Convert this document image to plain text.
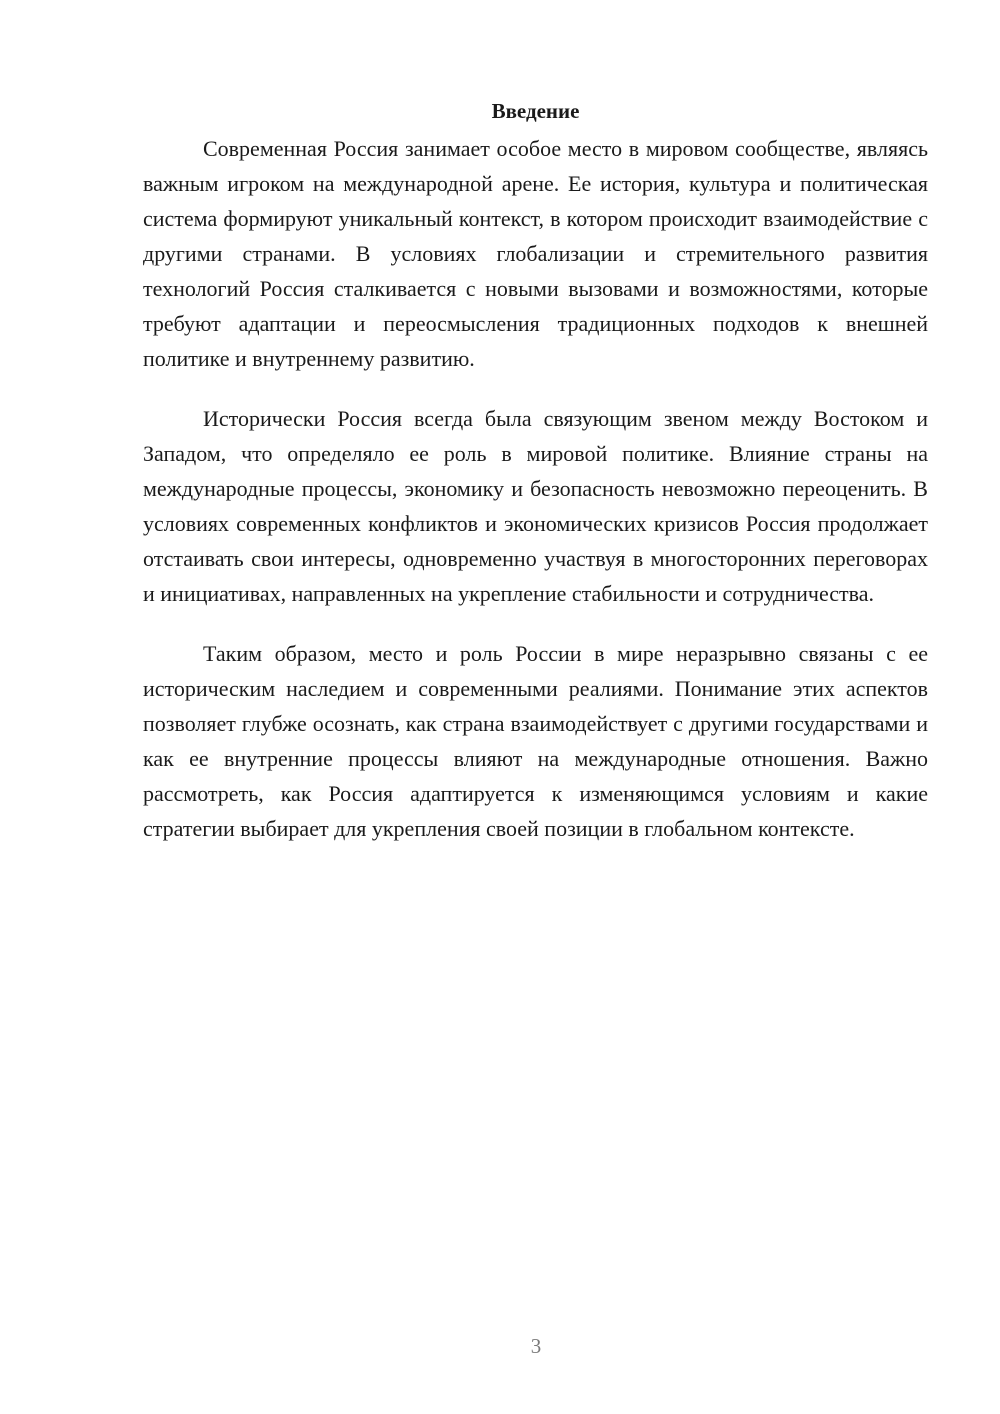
Введение

Современная Россия занимает особое место в мировом сообществе, являясь важным игроком на международной арене. Ее история, культура и политическая система формируют уникальный контекст, в котором происходит взаимодействие с другими странами. В условиях глобализации и стремительного развития технологий Россия сталкивается с новыми вызовами и возможностями, которые требуют адаптации и переосмысления традиционных подходов к внешней политике и внутреннему развитию.

Исторически Россия всегда была связующим звеном между Востоком и Западом, что определяло ее роль в мировой политике. Влияние страны на международные процессы, экономику и безопасность невозможно переоценить. В условиях современных конфликтов и экономических кризисов Россия продолжает отстаивать свои интересы, одновременно участвуя в многосторонних переговорах и инициативах, направленных на укрепление стабильности и сотрудничества.

Таким образом, место и роль России в мире неразрывно связаны с ее историческим наследием и современными реалиями. Понимание этих аспектов позволяет глубже осознать, как страна взаимодействует с другими государствами и как ее внутренние процессы влияют на международные отношения. Важно рассмотреть, как Россия адаптируется к изменяющимся условиям и какие стратегии выбирает для укрепления своей позиции в глобальном контексте.

3
